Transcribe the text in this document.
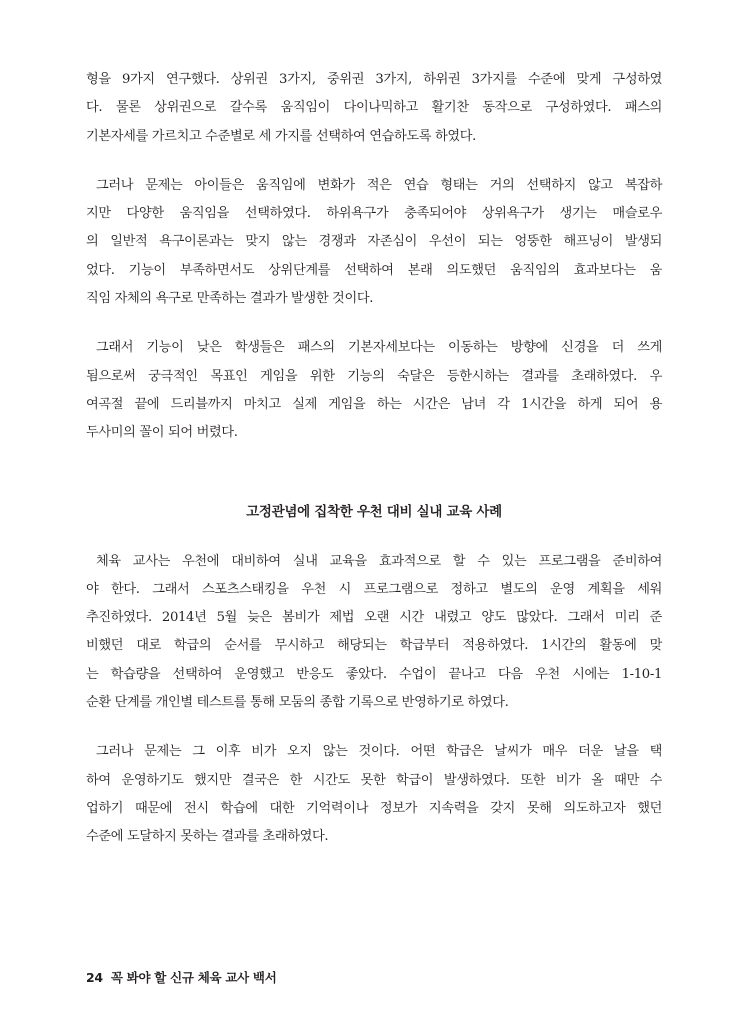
형을 9가지 연구했다. 상위권 3가지, 중위권 3가지, 하위권 3가지를 수준에 맞게 구성하였
다. 물론 상위권으로 갈수록 움직임이 다이나믹하고 활기찬 동작으로 구성하였다. 패스의
기본자세를 가르치고 수준별로 세 가지를 선택하여 연습하도록 하였다.
그러나 문제는 아이들은 움직임에 변화가 적은 연습 형태는 거의 선택하지 않고 복잡하
지만 다양한 움직임을 선택하였다. 하위욕구가 충족되어야 상위욕구가 생기는 매슬로우
의 일반적 욕구이론과는 맞지 않는 경쟁과 자존심이 우선이 되는 엉뚱한 해프닝이 발생되
었다. 기능이 부족하면서도 상위단계를 선택하여 본래 의도했던 움직임의 효과보다는 움
직임 자체의 욕구로 만족하는 결과가 발생한 것이다.
그래서 기능이 낮은 학생들은 패스의 기본자세보다는 이동하는 방향에 신경을 더 쓰게
됨으로써 궁극적인 목표인 게임을 위한 기능의 숙달은 등한시하는 결과를 초래하였다. 우
여곡절 끝에 드리블까지 마치고 실제 게임을 하는 시간은 남녀 각 1시간을 하게 되어 용
두사미의 꼴이 되어 버렸다.
고정관념에 집착한 우천 대비 실내 교육 사례
체육 교사는 우천에 대비하여 실내 교육을 효과적으로 할 수 있는 프로그램을 준비하여
야 한다. 그래서 스포츠스태킹을 우천 시 프로그램으로 정하고 별도의 운영 계획을 세워
추진하였다. 2014년 5월 늦은 봄비가 제법 오랜 시간 내렸고 양도 많았다. 그래서 미리 준
비했던 대로 학급의 순서를 무시하고 해당되는 학급부터 적용하였다. 1시간의 활동에 맞
는 학습량을 선택하여 운영했고 반응도 좋았다. 수업이 끝나고 다음 우천 시에는 1-10-1
순환 단계를 개인별 테스트를 통해 모둠의 종합 기록으로 반영하기로 하였다.
그러나 문제는 그 이후 비가 오지 않는 것이다. 어떤 학급은 날씨가 매우 더운 날을 택
하여 운영하기도 했지만 결국은 한 시간도 못한 학급이 발생하였다. 또한 비가 올 때만 수
업하기 때문에 전시 학습에 대한 기억력이나 정보가 지속력을 갖지 못해 의도하고자 했던
수준에 도달하지 못하는 결과를 초래하였다.
24 꼭 봐야 할 신규 체육 교사 백서
